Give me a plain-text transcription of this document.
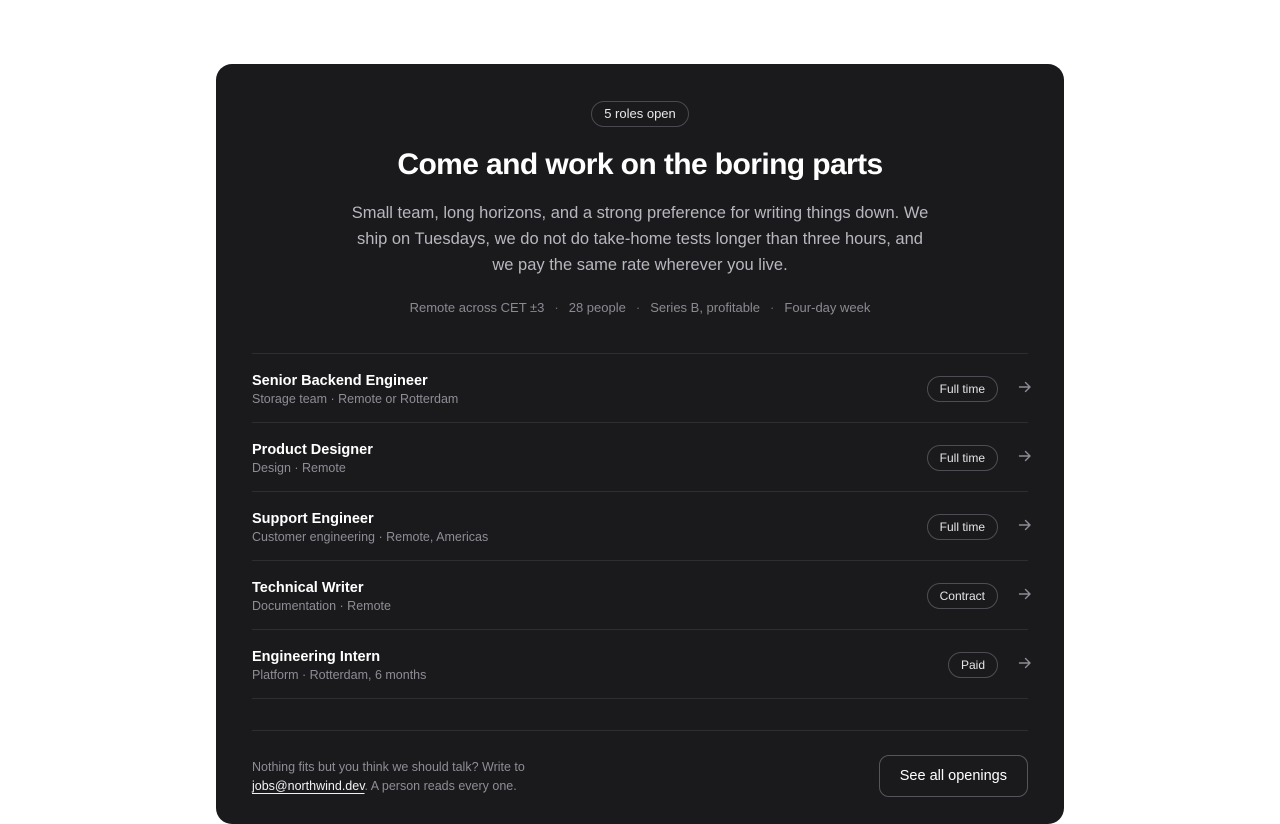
5 roles open
Come and work on the boring parts

Small team, long horizons, and a strong preference for writing things down. We ship on Tuesdays, we do not do take-home tests longer than three hours, and we pay the same rate wherever you live.

Remote across CET ±3 · 28 people · Series B, profitable · Four-day week
Senior Backend Engineer
Storage team · Remote or Rotterdam
Full time
Product Designer
Design · Remote
Full time
Support Engineer
Customer engineering · Remote, Americas
Full time
Technical Writer
Documentation · Remote
Contract
Engineering Intern
Platform · Rotterdam, 6 months
Paid

Nothing fits but you think we should talk? Write to
jobs@northwind.dev. A person reads every one.

See all openings
